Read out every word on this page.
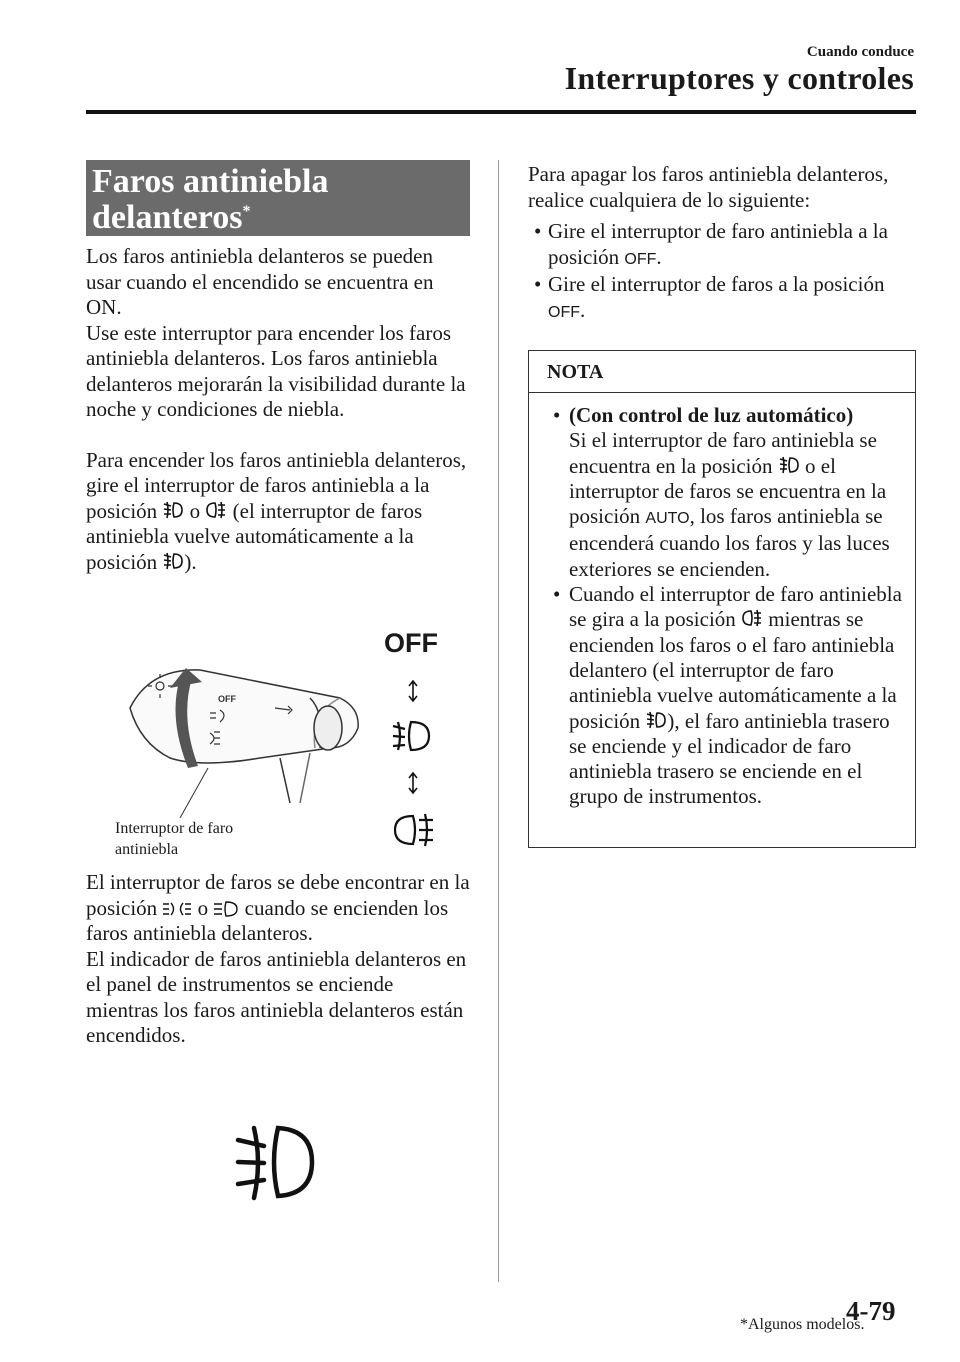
Cuando conduce
Interruptores y controles
Faros antiniebla
delanteros*

Los faros antiniebla delanteros se pueden usar cuando el encendido se encuentra en ON.

Use este interruptor para encender los faros antiniebla delanteros. Los faros antiniebla delanteros mejorarán la visibilidad durante la noche y condiciones de niebla.

Para encender los faros antiniebla delanteros, gire el interruptor de faros antiniebla a la posición o (el interruptor de faros antiniebla vuelve automáticamente a la posición ).

OFF
OFF
Interruptor de faro
antiniebla

El interruptor de faros se debe encontrar en la posición o cuando se encienden los faros antiniebla delanteros.

El indicador de faros antiniebla delanteros en el panel de instrumentos se enciende mientras los faros antiniebla delanteros están encendidos.

Para apagar los faros antiniebla delanteros, realice cualquiera de lo siguiente:

• Gire el interruptor de faro antiniebla a la posición OFF.
• Gire el interruptor de faros a la posición OFF.
NOTA
• (Con control de luz automático)
Si el interruptor de faro antiniebla se encuentra en la posición o el interruptor de faros se encuentra en la posición AUTO, los faros antiniebla se encenderá cuando los faros y las luces exteriores se encienden.
• Cuando el interruptor de faro antiniebla se gira a la posición mientras se encienden los faros o el faro antiniebla delantero (el interruptor de faro antiniebla vuelve automáticamente a la posición ), el faro antiniebla trasero se enciende y el indicador de faro antiniebla trasero se enciende en el grupo de instrumentos.
*Algunos modelos.
4-79
